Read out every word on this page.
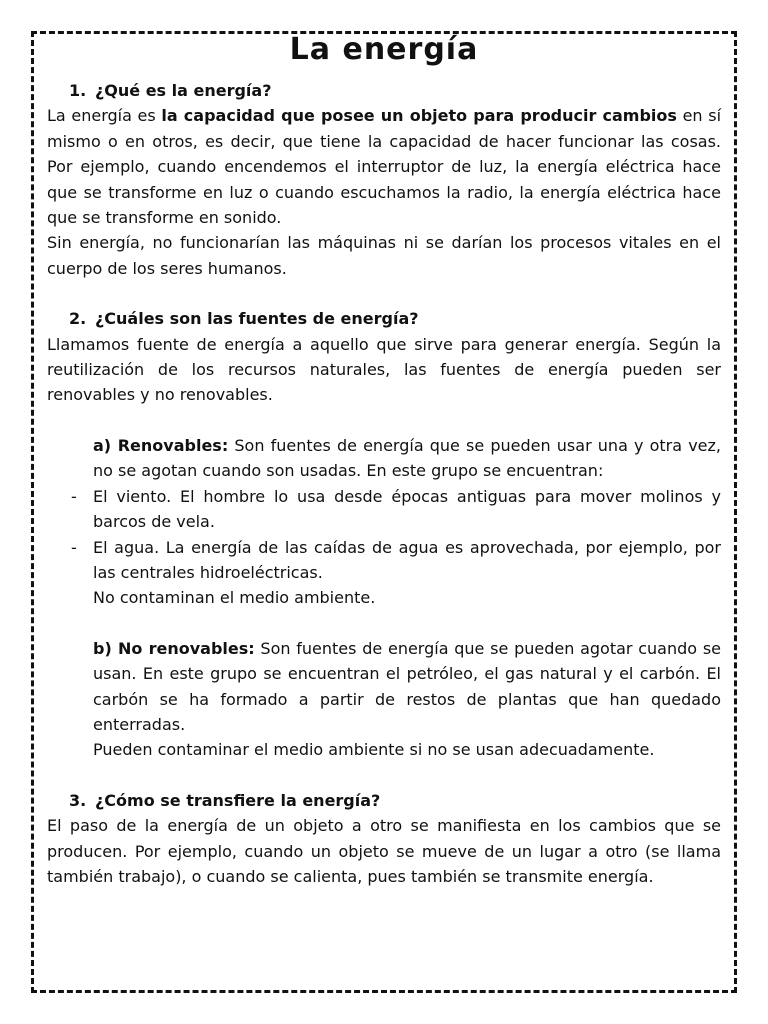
La energía
1. ¿Qué es la energía?

La energía es la capacidad que posee un objeto para producir cambios en sí mismo o en otros, es decir, que tiene la capacidad de hacer funcionar las cosas. Por ejemplo, cuando encendemos el interruptor de luz, la energía eléctrica hace que se transforme en luz o cuando escuchamos la radio, la energía eléctrica hace que se transforme en sonido.

Sin energía, no funcionarían las máquinas ni se darían los procesos vitales en el cuerpo de los seres humanos.

2. ¿Cuáles son las fuentes de energía?

Llamamos fuente de energía a aquello que sirve para generar energía. Según la reutilización de los recursos naturales, las fuentes de energía pueden ser renovables y no renovables.

a) Renovables: Son fuentes de energía que se pueden usar una y otra vez, no se agotan cuando son usadas. En este grupo se encuentran:

- El viento. El hombre lo usa desde épocas antiguas para mover molinos y barcos de vela.
- El agua. La energía de las caídas de agua es aprovechada, por ejemplo, por las centrales hidroeléctricas.

No contaminan el medio ambiente.

b) No renovables: Son fuentes de energía que se pueden agotar cuando se usan. En este grupo se encuentran el petróleo, el gas natural y el carbón. El carbón se ha formado a partir de restos de plantas que han quedado enterradas.

Pueden contaminar el medio ambiente si no se usan adecuadamente.

3. ¿Cómo se transfiere la energía?

El paso de la energía de un objeto a otro se manifiesta en los cambios que se producen. Por ejemplo, cuando un objeto se mueve de un lugar a otro (se llama también trabajo), o cuando se calienta, pues también se transmite energía.
